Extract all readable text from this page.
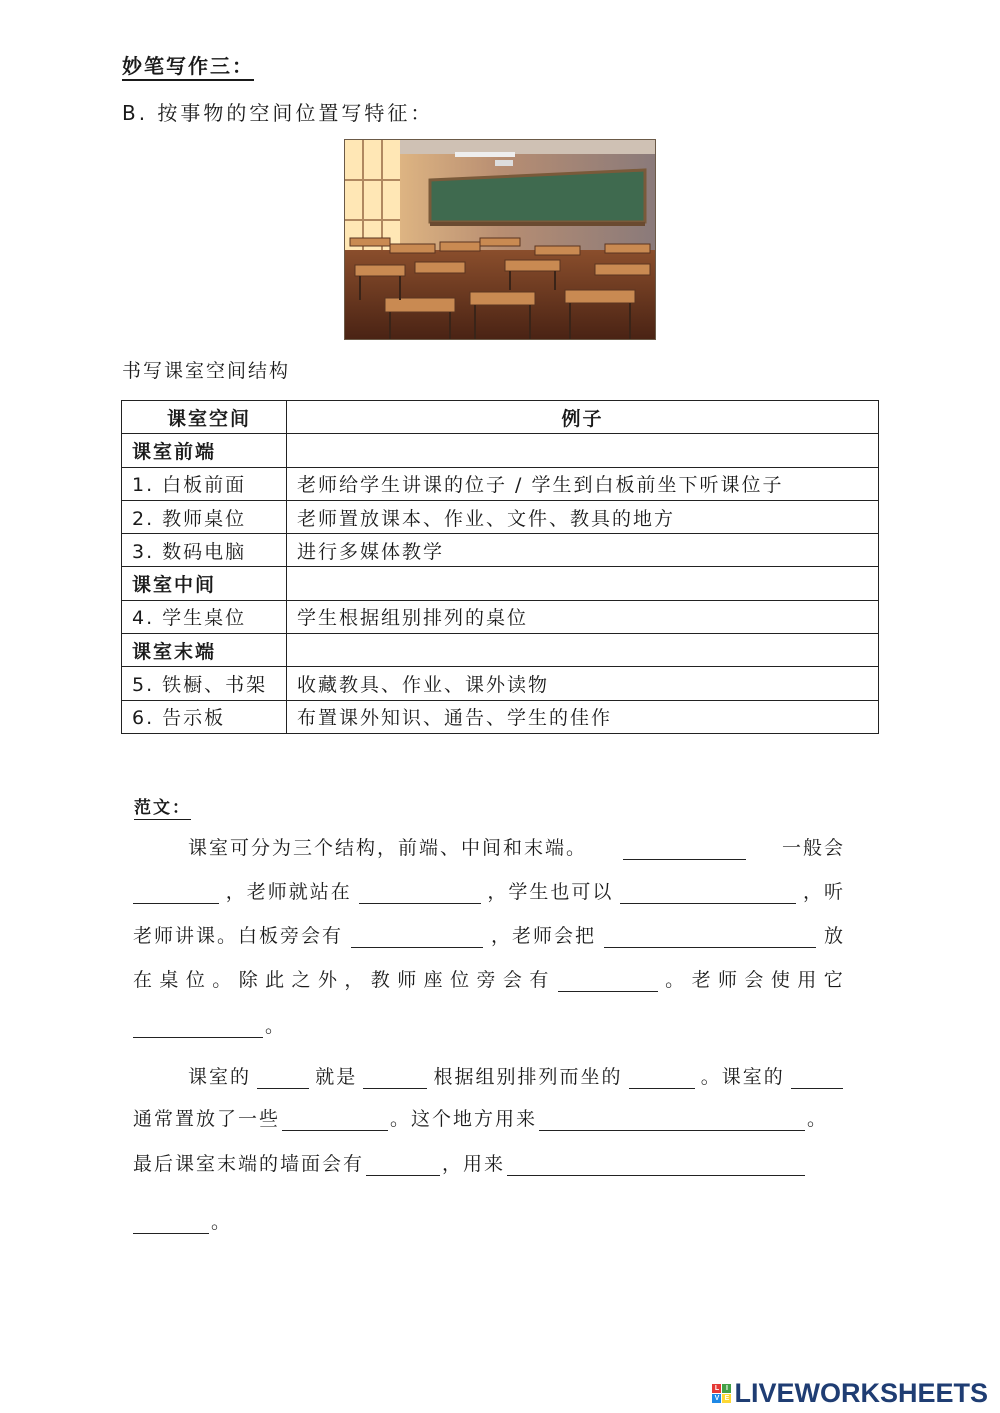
妙笔写作三：
B. 按事物的空间位置写特征：
书写课室空间结构
课室空间	例子
课室前端	
1. 白板前面	老师给学生讲课的位子 / 学生到白板前坐下听课位子
2. 教师桌位	老师置放课本、作业、文件、教具的地方
3. 数码电脑	进行多媒体教学
课室中间	
4. 学生桌位	学生根据组别排列的桌位
课室末端	
5. 铁橱、书架	收藏教具、作业、课外读物
6. 告示板	布置课外知识、通告、学生的佳作
范文：
课室可分为三个结构，前端、中间和末端。	一般会
，老师就站在	，学生也可以	，听
老师讲课。白板旁会有	，老师会把	放
在 桌 位 。 除 此 之 外 ， 教 师 座 位 旁 会 有	。 老 师 会 使 用 它
。
课室的	就是	根据组别排列而坐的	。课室的
通常置放了一些	。这个地方用来	。
最后课室末端的墙面会有	，用来
。
L I
V E LIVEWORKSHEETS
